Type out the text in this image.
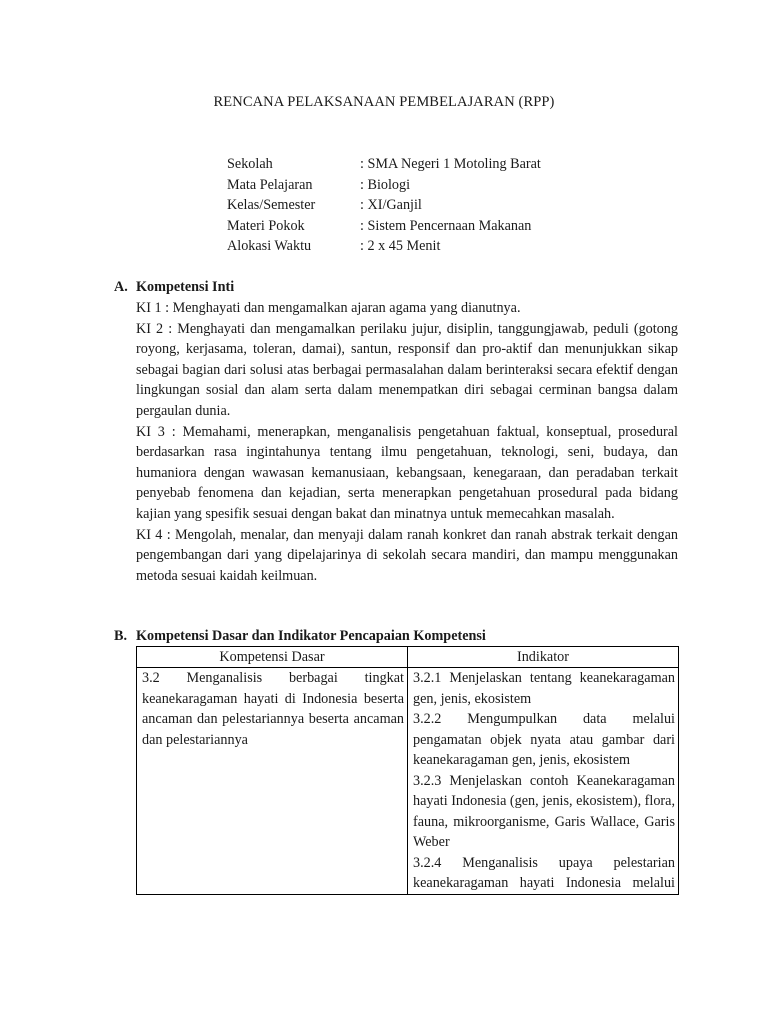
RENCANA PELAKSANAAN PEMBELAJARAN (RPP)
Sekolah	: SMA Negeri 1 Motoling Barat
Mata Pelajaran	: Biologi
Kelas/Semester	: XI/Ganjil
Materi Pokok	: Sistem Pencernaan Makanan
Alokasi Waktu	: 2 x 45 Menit
A. Kompetensi Inti

KI 1 : Menghayati dan mengamalkan ajaran agama yang dianutnya.

KI 2 : Menghayati dan mengamalkan perilaku jujur, disiplin, tanggungjawab, peduli (gotong royong, kerjasama, toleran, damai), santun, responsif dan pro-aktif dan menunjukkan sikap sebagai bagian dari solusi atas berbagai permasalahan dalam berinteraksi secara efektif dengan lingkungan sosial dan alam serta dalam menempatkan diri sebagai cerminan bangsa dalam pergaulan dunia.

KI 3 : Memahami, menerapkan, menganalisis pengetahuan faktual, konseptual, prosedural berdasarkan rasa ingintahunya tentang ilmu pengetahuan, teknologi, seni, budaya, dan humaniora dengan wawasan kemanusiaan, kebangsaan, kenegaraan, dan peradaban terkait penyebab fenomena dan kejadian, serta menerapkan pengetahuan prosedural pada bidang kajian yang spesifik sesuai dengan bakat dan minatnya untuk memecahkan masalah.

KI 4 : Mengolah, menalar, dan menyaji dalam ranah konkret dan ranah abstrak terkait dengan pengembangan dari yang dipelajarinya di sekolah secara mandiri, dan mampu menggunakan metoda sesuai kaidah keilmuan.

B. Kompetensi Dasar dan Indikator Pencapaian Kompetensi
Kompetensi Dasar	Indikator

3.2 Menganalisis berbagai tingkat keanekaragaman hayati di Indonesia beserta ancaman dan pelestariannya beserta ancaman dan pelestariannya	3.2.1 Menjelaskan tentang keanekaragaman gen, jenis, ekosistem

3.2.2 Mengumpulkan data melalui pengamatan objek nyata atau gambar dari keanekaragaman gen, jenis, ekosistem

3.2.3 Menjelaskan contoh Keanekaragaman hayati Indonesia (gen, jenis, ekosistem), flora, fauna, mikroorganisme, Garis Wallace, Garis Weber

3.2.4 Menganalisis upaya pelestarian keanekaragaman hayati Indonesia melalui
